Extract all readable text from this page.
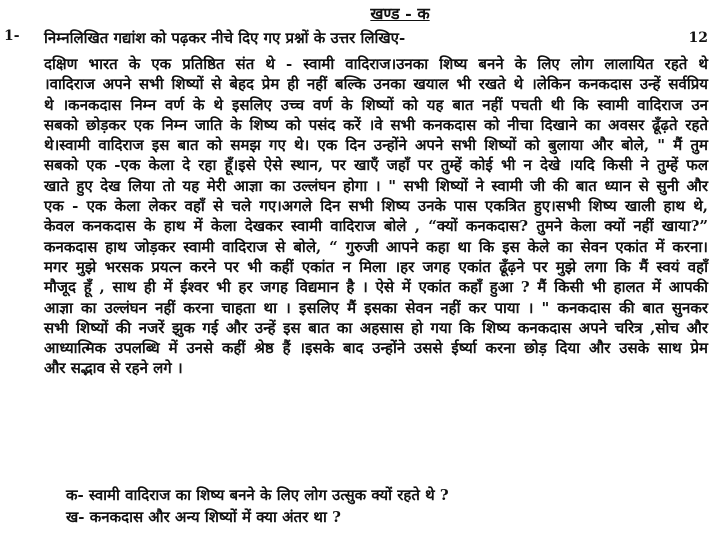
खण्ड - क
1- निम्नलिखित गद्यांश को पढ़कर नीचे दिए गए प्रश्नों के उत्तर लिखिए-	12
दक्षिण भारत के एक प्रतिष्ठित संत थे - स्वामी वादिराज।उनका शिष्य बनने के लिए लोग लालायित रहते थे
।वादिराज अपने सभी शिष्यों से बेहद प्रेम ही नहीं बल्कि उनका खयाल भी रखते थे ।लेकिन कनकदास उन्हें सर्वप्रिय
थे ।कनकदास निम्न वर्ण के थे इसलिए उच्च वर्ण के शिष्यों को यह बात नहीं पचती थी कि स्वामी वादिराज उन
सबको छोड़कर एक निम्न जाति के शिष्य को पसंद करें ।वे सभी कनकदास को नीचा दिखाने का अवसर ढूँढ़ते रहते
थे।स्वामी वादिराज इस बात को समझ गए थे। एक दिन उन्होंने अपने सभी शिष्यों को बुलाया और बोले, " मैं तुम
सबको एक -एक केला दे रहा हूँ।इसे ऐसे स्थान, पर खाएँ जहाँ पर तुम्हें कोई भी न देखे ।यदि किसी ने तुम्हें फल
खाते हुए देख लिया तो यह मेरी आज्ञा का उल्लंघन होगा । " सभी शिष्यों ने स्वामी जी की बात ध्यान से सुनी और
एक - एक केला लेकर वहाँ से चले गए।अगले दिन सभी शिष्य उनके पास एकत्रित हुए।सभी शिष्य खाली हाथ थे,
केवल कनकदास के हाथ में केला देखकर स्वामी वादिराज बोले , “क्यों कनकदास? तुमने केला क्यों नहीं खाया?”
कनकदास हाथ जोड़कर स्वामी वादिराज से बोले, “ गुरुजी आपने कहा था कि इस केले का सेवन एकांत में करना।
मगर मुझे भरसक प्रयत्न करने पर भी कहीं एकांत न मिला ।हर जगह एकांत ढूँढ़ने पर मुझे लगा कि मैं स्वयं वहाँ
मौजूद हूँ , साथ ही में ईश्वर भी हर जगह विद्यमान है । ऐसे में एकांत कहाँ हुआ ? मैं किसी भी हालत में आपकी
आज्ञा का उल्लंघन नहीं करना चाहता था । इसलिए मैं इसका सेवन नहीं कर पाया । " कनकदास की बात सुनकर
सभी शिष्यों की नजरें झुक गई और उन्हें इस बात का अहसास हो गया कि शिष्य कनकदास अपने चरित्र ,सोच और
आध्यात्मिक उपलब्धि में उनसे कहीं श्रेष्ठ हैं ।इसके बाद उन्होंने उससे ईर्ष्या करना छोड़ दिया और उसके साथ प्रेम
और सद्भाव से रहने लगे ।
क- स्वामी वादिराज का शिष्य बनने के लिए लोग उत्सुक क्यों रहते थे ?
ख- कनकदास और अन्य शिष्यों में क्या अंतर था ?
